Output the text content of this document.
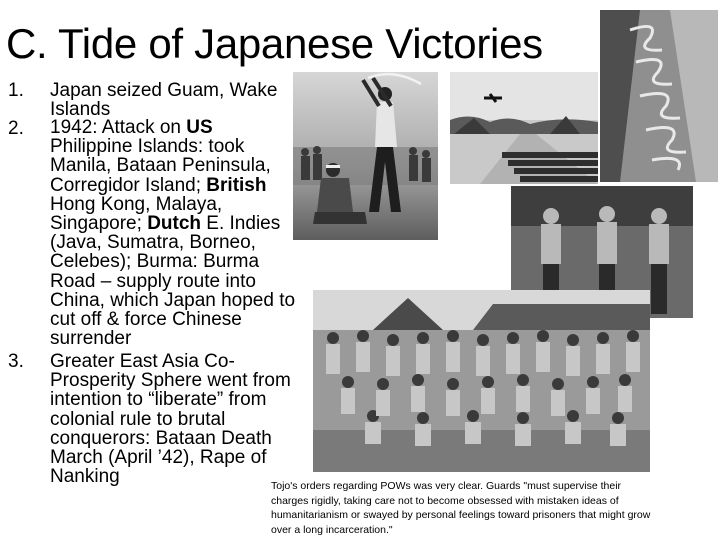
C. Tide of Japanese Victories
1. Japan seized Guam, Wake
Islands
2. 1942: Attack on US
Philippine Islands: took
Manila, Bataan Peninsula,
Corregidor Island; British
Hong Kong, Malaya,
Singapore; Dutch E. Indies
(Java, Sumatra, Borneo,
Celebes); Burma: Burma
Road – supply route into
China, which Japan hoped to
cut off & force Chinese
surrender
3. Greater East Asia Co-
Prosperity Sphere went from
intention to “liberate” from
colonial rule to brutal
conquerors: Bataan Death
March (April ’42), Rape of
Nanking	Tojo's orders regarding POWs was very clear. Guards "must supervise their
charges rigidly, taking care not to become obsessed with mistaken ideas of
humanitarianism or swayed by personal feelings toward prisoners that might grow
over a long incarceration."
